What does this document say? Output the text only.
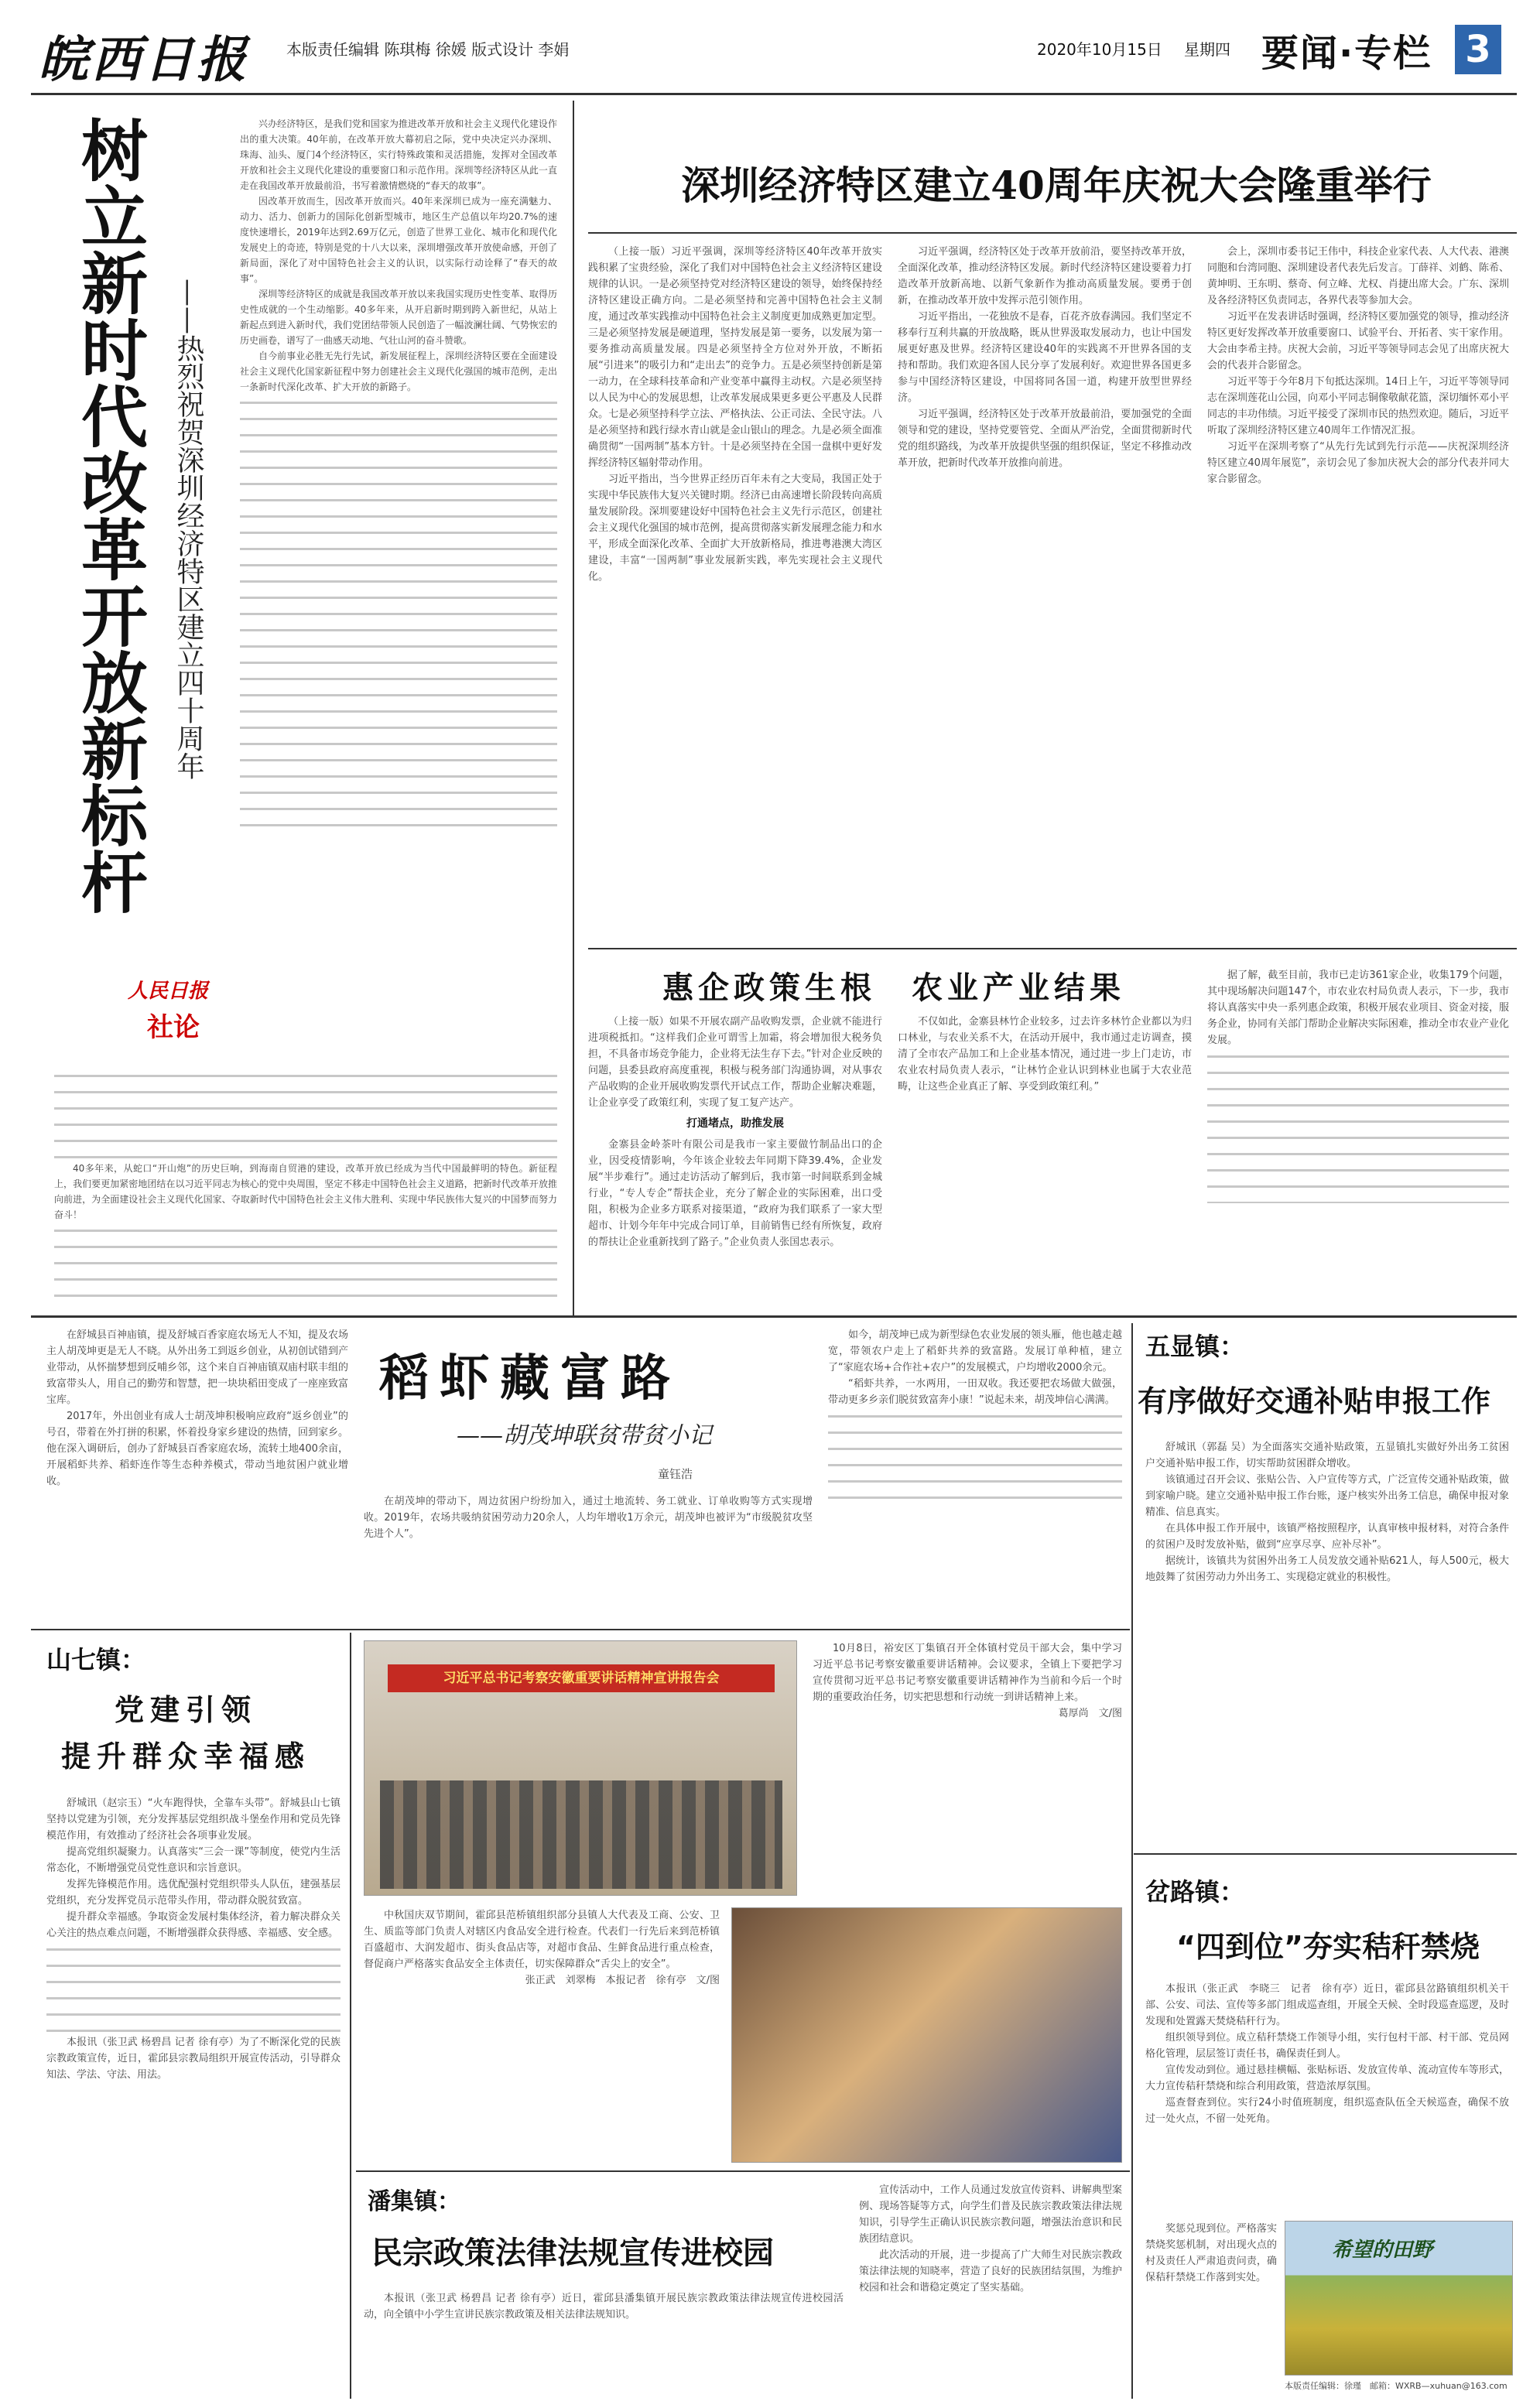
皖西日报 本版责任编辑 陈琪梅 徐媛 版式设计 李娟	2020年10月15日 星期四 要闻·专栏 3
树立新时代改革开放新标杆 ——热烈祝贺深圳经济特区建立四十周年
人民日报
社论

兴办经济特区，是我们党和国家为推进改革开放和社会主义现代化建设作出的重大决策。40年前，在改革开放大幕初启之际，党中央决定兴办深圳、珠海、汕头、厦门4个经济特区，实行特殊政策和灵活措施，发挥对全国改革开放和社会主义现代化建设的重要窗口和示范作用。深圳等经济特区从此一直走在我国改革开放最前沿，书写着激情燃烧的“春天的故事”。

因改革开放而生，因改革开放而兴。40年来深圳已成为一座充满魅力、动力、活力、创新力的国际化创新型城市，地区生产总值以年均20.7%的速度快速增长，2019年达到2.69万亿元，创造了世界工业化、城市化和现代化发展史上的奇迹，特别是党的十八大以来，深圳增强改革开放使命感，开创了新局面，深化了对中国特色社会主义的认识，以实际行动诠释了“春天的故事”。

深圳等经济特区的成就是我国改革开放以来我国实现历史性变革、取得历史性成就的一个生动缩影。40多年来，从开启新时期到跨入新世纪，从站上新起点到进入新时代，我们党团结带领人民创造了一幅波澜壮阔、气势恢宏的历史画卷，谱写了一曲感天动地、气壮山河的奋斗赞歌。

自今前事业必胜无先行先试，新发展征程上，深圳经济特区要在全面建设社会主义现代化国家新征程中努力创建社会主义现代化强国的城市范例，走出一条新时代深化改革、扩大开放的新路子。

40多年来，从蛇口“开山炮”的历史巨响，到海南自贸港的建设，改革开放已经成为当代中国最鲜明的特色。新征程上，我们要更加紧密地团结在以习近平同志为核心的党中央周围，坚定不移走中国特色社会主义道路，把新时代改革开放推向前进，为全面建设社会主义现代化国家、夺取新时代中国特色社会主义伟大胜利、实现中华民族伟大复兴的中国梦而努力奋斗！

深圳经济特区建立40周年庆祝大会隆重举行

（上接一版）习近平强调，深圳等经济特区40年改革开放实践积累了宝贵经验，深化了我们对中国特色社会主义经济特区建设规律的认识。一是必须坚持党对经济特区建设的领导，始终保持经济特区建设正确方向。二是必须坚持和完善中国特色社会主义制度，通过改革实践推动中国特色社会主义制度更加成熟更加定型。三是必须坚持发展是硬道理，坚持发展是第一要务，以发展为第一要务推动高质量发展。四是必须坚持全方位对外开放，不断拓展“引进来”的吸引力和“走出去”的竞争力。五是必须坚持创新是第一动力，在全球科技革命和产业变革中赢得主动权。六是必须坚持以人民为中心的发展思想，让改革发展成果更多更公平惠及人民群众。七是必须坚持科学立法、严格执法、公正司法、全民守法。八是必须坚持和践行绿水青山就是金山银山的理念。九是必须全面准确贯彻“一国两制”基本方针。十是必须坚持在全国一盘棋中更好发挥经济特区辐射带动作用。

习近平指出，当今世界正经历百年未有之大变局，我国正处于实现中华民族伟大复兴关键时期。经济已由高速增长阶段转向高质量发展阶段。深圳要建设好中国特色社会主义先行示范区，创建社会主义现代化强国的城市范例，提高贯彻落实新发展理念能力和水平，形成全面深化改革、全面扩大开放新格局，推进粤港澳大湾区建设，丰富“一国两制”事业发展新实践，率先实现社会主义现代化。

习近平强调，经济特区处于改革开放前沿，要坚持改革开放，全面深化改革，推动经济特区发展。新时代经济特区建设要着力打造改革开放新高地、以新气象新作为推动高质量发展。要勇于创新，在推动改革开放中发挥示范引领作用。

习近平指出，一花独放不是春，百花齐放春满园。我们坚定不移奉行互利共赢的开放战略，既从世界汲取发展动力，也让中国发展更好惠及世界。经济特区建设40年的实践离不开世界各国的支持和帮助。我们欢迎各国人民分享了发展利好。欢迎世界各国更多参与中国经济特区建设，中国将同各国一道，构建开放型世界经济。

习近平强调，经济特区处于改革开放最前沿，要加强党的全面领导和党的建设，坚持党要管党、全面从严治党，全面贯彻新时代党的组织路线，为改革开放提供坚强的组织保证，坚定不移推动改革开放，把新时代改革开放推向前进。

会上，深圳市委书记王伟中，科技企业家代表、人大代表、港澳同胞和台湾同胞、深圳建设者代表先后发言。丁薛祥、刘鹤、陈希、黄坤明、王东明、蔡奇、何立峰、尤权、肖捷出席大会。广东、深圳及各经济特区负责同志，各界代表等参加大会。

习近平在发表讲话时强调，经济特区要加强党的领导，推动经济特区更好发挥改革开放重要窗口、试验平台、开拓者、实干家作用。大会由李希主持。庆祝大会前，习近平等领导同志会见了出席庆祝大会的代表并合影留念。

习近平等于今年8月下旬抵达深圳。14日上午，习近平等领导同志在深圳莲花山公园，向邓小平同志铜像敬献花篮，深切缅怀邓小平同志的丰功伟绩。习近平接受了深圳市民的热烈欢迎。随后，习近平听取了深圳经济特区建立40周年工作情况汇报。

习近平在深圳考察了“从先行先试到先行示范——庆祝深圳经济特区建立40周年展览”，亲切会见了参加庆祝大会的部分代表并同大家合影留念。

惠企政策生根　农业产业结果

（上接一版）如果不开展农副产品收购发票，企业就不能进行进项税抵扣。“这样我们企业可谓雪上加霜，将会增加很大税务负担，不具备市场竞争能力，企业将无法生存下去。”针对企业反映的问题，县委县政府高度重视，积极与税务部门沟通协调，对从事农产品收购的企业开展收购发票代开试点工作，帮助企业解决难题，让企业享受了政策红利，实现了复工复产达产。

打通堵点，助推发展

金寨县金岭茶叶有限公司是我市一家主要做竹制品出口的企业，因受疫情影响，今年该企业较去年同期下降39.4%，企业发展“半步难行”。通过走访活动了解到后，我市第一时间联系到金城行业，“专人专企”帮扶企业，充分了解企业的实际困难，出口受阻，积极为企业多方联系对接渠道，“政府为我们联系了一家大型超市、计划今年年中完成合同订单，目前销售已经有所恢复，政府的帮扶让企业重新找到了路子。”企业负责人张国忠表示。

不仅如此，金寨县林竹企业较多，过去许多林竹企业都以为归口林业，与农业关系不大，在活动开展中，我市通过走访调查，摸清了全市农产品加工和上企业基本情况，通过进一步上门走访，市农业农村局负责人表示，“让林竹企业认识到林业也属于大农业范畴，让这些企业真正了解、享受到政策红利。”

据了解，截至目前，我市已走访361家企业，收集179个问题，其中现场解决问题147个，市农业农村局负责人表示，下一步，我市将认真落实中央一系列惠企政策，积极开展农业项目、资金对接，服务企业，协同有关部门帮助企业解决实际困难，推动全市农业产业化发展。

在舒城县百神庙镇，提及舒城百香家庭农场无人不知，提及农场主人胡茂坤更是无人不晓。从外出务工到返乡创业，从初创试错到产业带动，从怀揣梦想到反哺乡邻，这个来自百神庙镇双庙村联丰组的致富带头人，用自己的勤劳和智慧，把一块块稻田变成了一座座致富宝库。

2017年，外出创业有成人士胡茂坤积极响应政府“返乡创业”的号召，带着在外打拼的积累，怀着投身家乡建设的热情，回到家乡。他在深入调研后，创办了舒城县百香家庭农场，流转土地400余亩，开展稻虾共养、稻虾连作等生态种养模式，带动当地贫困户就业增收。

稻虾藏富路
——胡茂坤联贫带贫小记
童钰浩

在胡茂坤的带动下，周边贫困户纷纷加入，通过土地流转、务工就业、订单收购等方式实现增收。2019年，农场共吸纳贫困劳动力20余人，人均年增收1万余元，胡茂坤也被评为“市级脱贫攻坚先进个人”。

如今，胡茂坤已成为新型绿色农业发展的领头雁，他也越走越宽，带领农户走上了稻虾共养的致富路。发展订单种植，建立了“家庭农场+合作社+农户”的发展模式，户均增收2000余元。

“稻虾共养，一水两用，一田双收。我还要把农场做大做强，带动更多乡亲们脱贫致富奔小康！”说起未来，胡茂坤信心满满。

五显镇：
有序做好交通补贴申报工作

舒城讯（郭磊 吴）为全面落实交通补贴政策，五显镇扎实做好外出务工贫困户交通补贴申报工作，切实帮助贫困群众增收。

该镇通过召开会议、张贴公告、入户宣传等方式，广泛宣传交通补贴政策，做到家喻户晓。建立交通补贴申报工作台账，逐户核实外出务工信息，确保申报对象精准、信息真实。

在具体申报工作开展中，该镇严格按照程序，认真审核申报材料，对符合条件的贫困户及时发放补贴，做到“应享尽享、应补尽补”。

据统计，该镇共为贫困外出务工人员发放交通补贴621人，每人500元，极大地鼓舞了贫困劳动力外出务工、实现稳定就业的积极性。

山七镇：
党建引领
提升群众幸福感

舒城讯（赵宗玉）“火车跑得快，全靠车头带”。舒城县山七镇坚持以党建为引领，充分发挥基层党组织战斗堡垒作用和党员先锋模范作用，有效推动了经济社会各项事业发展。

提高党组织凝聚力。认真落实“三会一课”等制度，使党内生活常态化，不断增强党员党性意识和宗旨意识。

发挥先锋模范作用。选优配强村党组织带头人队伍，建强基层党组织，充分发挥党员示范带头作用，带动群众脱贫致富。

提升群众幸福感。争取资金发展村集体经济，着力解决群众关心关注的热点难点问题，不断增强群众获得感、幸福感、安全感。

本报讯（张卫武 杨碧昌 记者 徐有亭）为了不断深化党的民族宗教政策宣传，近日，霍邱县宗教局组织开展宣传活动，引导群众知法、学法、守法、用法。

习近平总书记考察安徽重要讲话精神宣讲报告会

10月8日，裕安区丁集镇召开全体镇村党员干部大会，集中学习习近平总书记考察安徽重要讲话精神。会议要求，全镇上下要把学习宣传贯彻习近平总书记考察安徽重要讲话精神作为当前和今后一个时期的重要政治任务，切实把思想和行动统一到讲话精神上来。

葛厚尚　文/图

中秋国庆双节期间，霍邱县范桥镇组织部分县镇人大代表及工商、公安、卫生、质监等部门负责人对辖区内食品安全进行检查。代表们一行先后来到范桥镇百盛超市、大润发超市、街头食品店等，对超市食品、生鲜食品进行重点检查，督促商户严格落实食品安全主体责任，切实保障群众“舌尖上的安全”。

张正武　刘翠梅　本报记者　徐有亭　文/图
潘集镇：
民宗政策法律法规宣传进校园

本报讯（张卫武 杨碧昌 记者 徐有亭）近日，霍邱县潘集镇开展民族宗教政策法律法规宣传进校园活动，向全镇中小学生宣讲民族宗教政策及相关法律法规知识。

宣传活动中，工作人员通过发放宣传资料、讲解典型案例、现场答疑等方式，向学生们普及民族宗教政策法律法规知识，引导学生正确认识民族宗教问题，增强法治意识和民族团结意识。

此次活动的开展，进一步提高了广大师生对民族宗教政策法律法规的知晓率，营造了良好的民族团结氛围，为维护校园和社会和谐稳定奠定了坚实基础。

岔路镇：
“四到位”夯实秸秆禁烧

本报讯（张正武　李晓三　记者　徐有亭）近日，霍邱县岔路镇组织机关干部、公安、司法、宣传等多部门组成巡查组，开展全天候、全时段巡查巡逻，及时发现和处置露天焚烧秸秆行为。

组织领导到位。成立秸秆禁烧工作领导小组，实行包村干部、村干部、党员网格化管理，层层签订责任书，确保责任到人。

宣传发动到位。通过悬挂横幅、张贴标语、发放宣传单、流动宣传车等形式，大力宣传秸秆禁烧和综合利用政策，营造浓厚氛围。

巡查督查到位。实行24小时值班制度，组织巡查队伍全天候巡查，确保不放过一处火点，不留一处死角。

奖惩兑现到位。严格落实禁烧奖惩机制，对出现火点的村及责任人严肃追责问责，确保秸秆禁烧工作落到实处。

希望的田野
本版责任编辑：徐瑾　邮箱：WXRB—xuhuan@163.com
